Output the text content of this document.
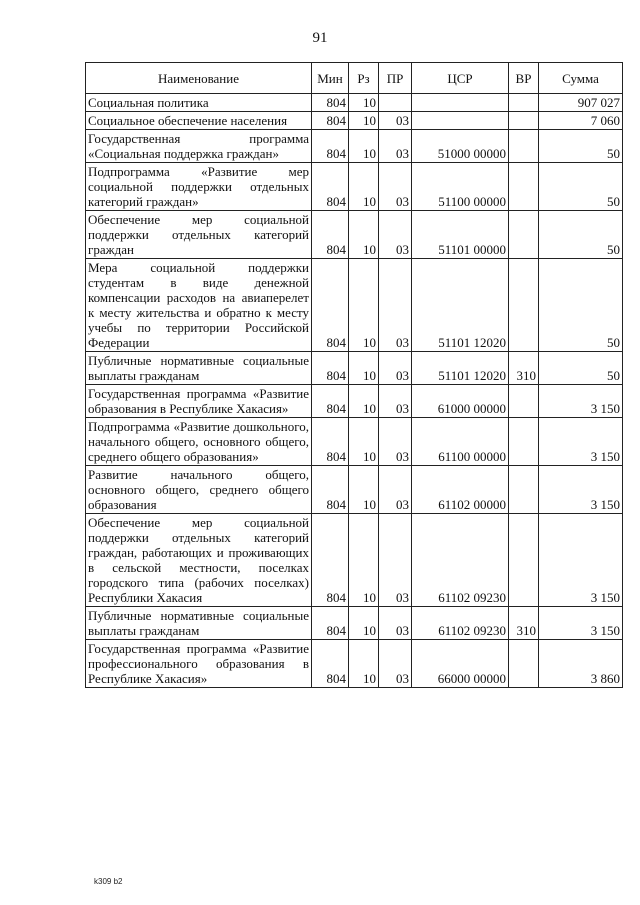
91
Наименование	Мин	Рз	ПР	ЦСР	ВР	Сумма
Социальная политика	804	10				907 027
Социальное обеспечение населения	804	10	03			7 060
Государственная программа «Социальная поддержка граждан»	804	10	03	51000 00000		50
Подпрограмма «Развитие мер социальной поддержки отдельных категорий граждан»	804	10	03	51100 00000		50
Обеспечение мер социальной поддержки отдельных категорий граждан	804	10	03	51101 00000		50
Мера социальной поддержки студентам в виде денежной компенсации расходов на авиаперелет к месту жительства и обратно к месту учебы по территории Российской Федерации	804	10	03	51101 12020		50
Публичные нормативные социальные выплаты гражданам	804	10	03	51101 12020	310	50
Государственная программа «Развитие образования в Республике Хакасия»	804	10	03	61000 00000		3 150
Подпрограмма «Развитие дошкольного, начального общего, основного общего, среднего общего образования»	804	10	03	61100 00000		3 150
Развитие начального общего, основного общего, среднего общего образования	804	10	03	61102 00000		3 150
Обеспечение мер социальной поддержки отдельных категорий граждан, работающих и проживающих в сельской местности, поселках городского типа (рабочих поселках) Республики Хакасия	804	10	03	61102 09230		3 150
Публичные нормативные социальные выплаты гражданам	804	10	03	61102 09230	310	3 150
Государственная программа «Развитие профессионального образования в Республике Хакасия»	804	10	03	66000 00000		3 860
k309 b2
